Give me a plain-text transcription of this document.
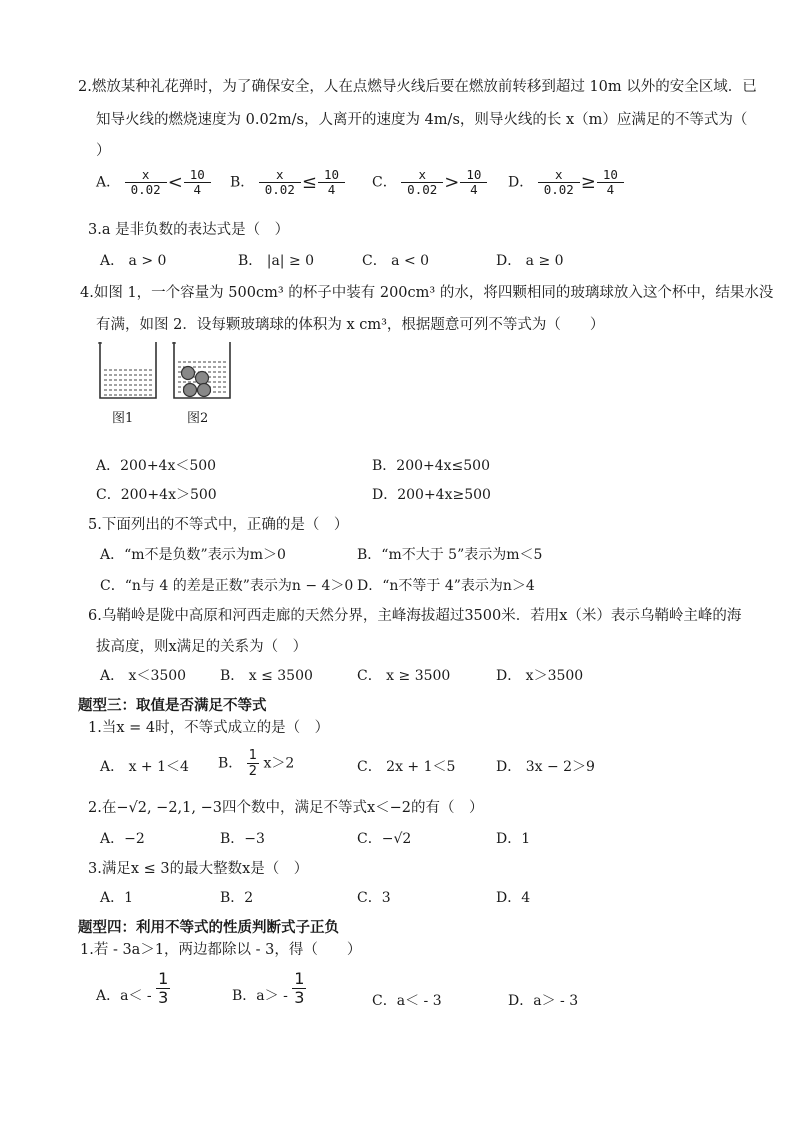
2.燃放某种礼花弹时，为了确保安全，人在点燃导火线后要在燃放前转移到超过 10m 以外的安全区域．已
知导火线的燃烧速度为 0.02m/s，人离开的速度为 4m/s，则导火线的长 x（m）应满足的不等式为（
）
A． $\frac{x}{0.02} < \frac{10}{4}$ B． $\frac{x}{0.02} \le \frac{10}{4}$ C． $\frac{x}{0.02} > \frac{10}{4}$ D． $\frac{x}{0.02} \ge \frac{10}{4}$
3.a 是非负数的表达式是（　）
A． a > 0	B． |a| ≥ 0	C． a < 0	D． a ≥ 0
4.如图 1，一个容量为 500cm³ 的杯子中装有 200cm³ 的水，将四颗相同的玻璃球放入这个杯中，结果水没
有满，如图 2．设每颗玻璃球的体积为 x cm³，根据题意可列不等式为（　　）
图1	图2
A．200+4x＜500	B．200+4x≤500
C．200+4x＞500	D．200+4x≥500
5.下面列出的不等式中，正确的是（　）
A．“m不是负数”表示为m＞0	B．“m不大于 5”表示为m＜5
C．“n与 4 的差是正数”表示为n − 4＞0 D．“n不等于 4”表示为n＞4
6.乌鞘岭是陇中高原和河西走廊的天然分界，主峰海拔超过3500米．若用x（米）表示乌鞘岭主峰的海
拔高度，则x满足的关系为（　）
A． x＜3500 B． x ≤ 3500	C． x ≥ 3500	D． x＞3500
题型三：取值是否满足不等式
1.当x = 4时，不等式成立的是（　）
A． x + 1＜4 B． $\frac{1}{2} x>2$	C． 2x + 1＜5	D． 3x − 2＞9
2.在−√2, −2,1, −3四个数中，满足不等式x＜−2的有（　）
A．−2	B．−3	C．−√2	D．1
3.满足x ≤ 3的最大整数x是（　）
A．1	B．2	C．3	D．4
题型四：利用不等式的性质判断式子正负
1.若 - 3a＞1，两边都除以 - 3，得（　　）
A．$a< - \frac{1}{3}$	B．$a> - \frac{1}{3}$	C．a＜ - 3	D．a＞ - 3
